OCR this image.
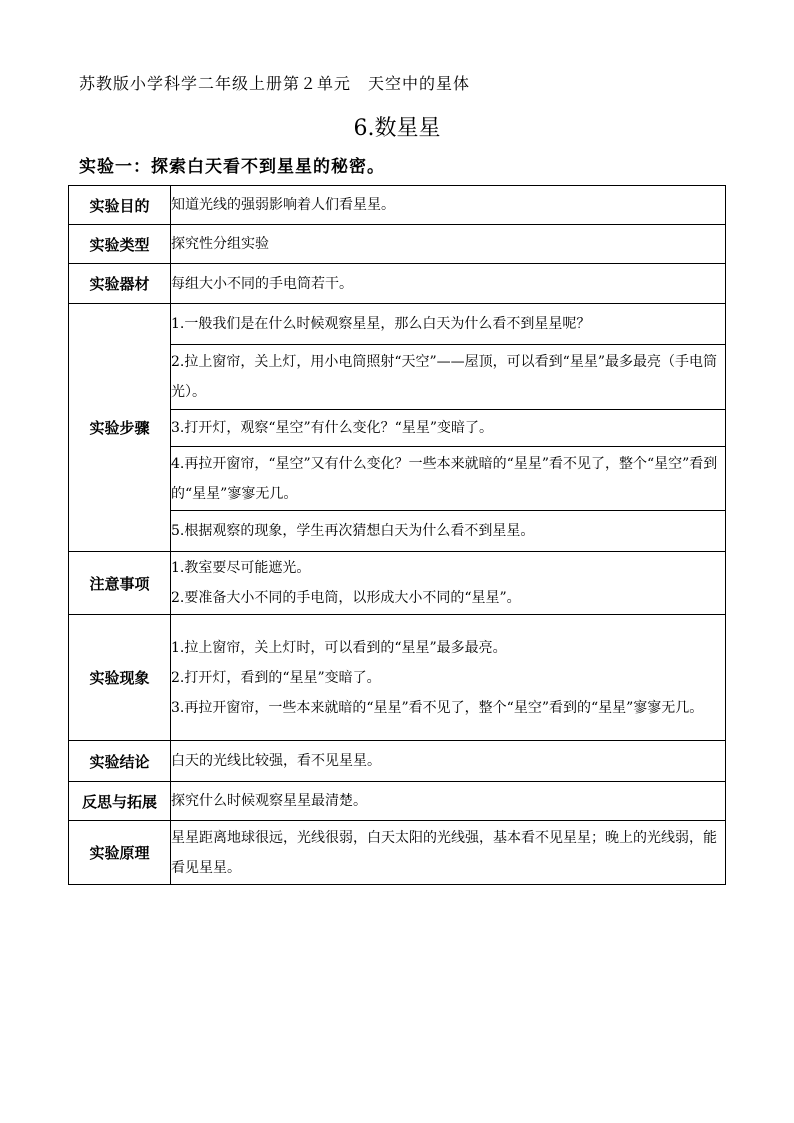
苏教版小学科学二年级上册第２单元　天空中的星体
6.数星星
实验一：探索白天看不到星星的秘密。
实验目的	知道光线的强弱影响着人们看星星。
实验类型	探究性分组实验
实验器材	每组大小不同的手电筒若干。
实验步骤	1.一般我们是在什么时候观察星星，那么白天为什么看不到星星呢？
	2.拉上窗帘，关上灯，用小电筒照射“天空”——屋顶，可以看到“星星”最多最亮（手电筒光）。
	3.打开灯，观察“星空”有什么变化？“星星”变暗了。
	4.再拉开窗帘，“星空”又有什么变化？一些本来就暗的“星星”看不见了，整个“星空”看到的“星星”寥寥无几。
	5.根据观察的现象，学生再次猜想白天为什么看不到星星。
注意事项	1.教室要尽可能遮光。
2.要准备大小不同的手电筒，以形成大小不同的“星星”。

实验现象	1.拉上窗帘，关上灯时，可以看到的“星星”最多最亮。
2.打开灯，看到的“星星”变暗了。
3.再拉开窗帘，一些本来就暗的“星星”看不见了，整个“星空”看到的“星星”寥寥无几。

实验结论	白天的光线比较强，看不见星星。
反思与拓展	探究什么时候观察星星最清楚。
实验原理	星星距离地球很远，光线很弱，白天太阳的光线强，基本看不见星星；晚上的光线弱，能看见星星。
